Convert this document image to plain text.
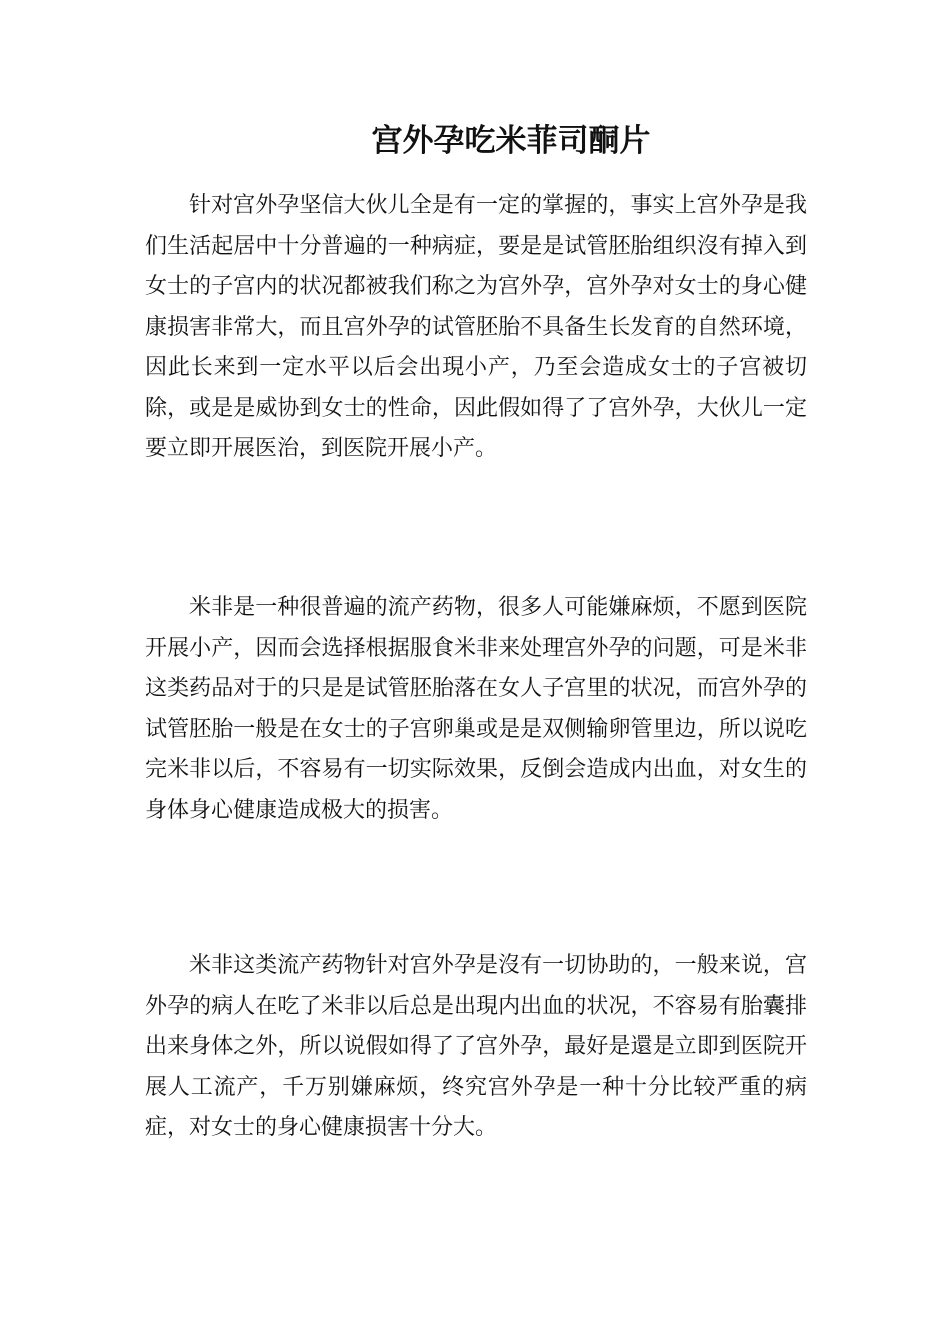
宫外孕吃米菲司酮片

针对宫外孕坚信大伙儿全是有一定的掌握的，事实上宫外孕是我们生活起居中十分普遍的一种病症，要是是试管胚胎组织沒有掉入到女士的子宫内的状况都被我们称之为宫外孕，宫外孕对女士的身心健康损害非常大，而且宫外孕的试管胚胎不具备生长发育的自然环境，因此长来到一定水平以后会出現小产，乃至会造成女士的子宫被切除，或是是威协到女士的性命，因此假如得了了宫外孕，大伙儿一定要立即开展医治，到医院开展小产。

米非是一种很普遍的流产药物，很多人可能嫌麻烦，不愿到医院开展小产，因而会选择根据服食米非来处理宫外孕的问题，可是米非这类药品对于的只是是试管胚胎落在女人子宫里的状况，而宫外孕的试管胚胎一般是在女士的子宫卵巢或是是双侧输卵管里边，所以说吃完米非以后，不容易有一切实际效果，反倒会造成内出血，对女生的身体身心健康造成极大的损害。

米非这类流产药物针对宫外孕是沒有一切协助的，一般来说，宫外孕的病人在吃了米非以后总是出現内出血的状况，不容易有胎囊排出来身体之外，所以说假如得了了宫外孕，最好是還是立即到医院开展人工流产，千万别嫌麻烦，终究宫外孕是一种十分比较严重的病症，对女士的身心健康损害十分大。
